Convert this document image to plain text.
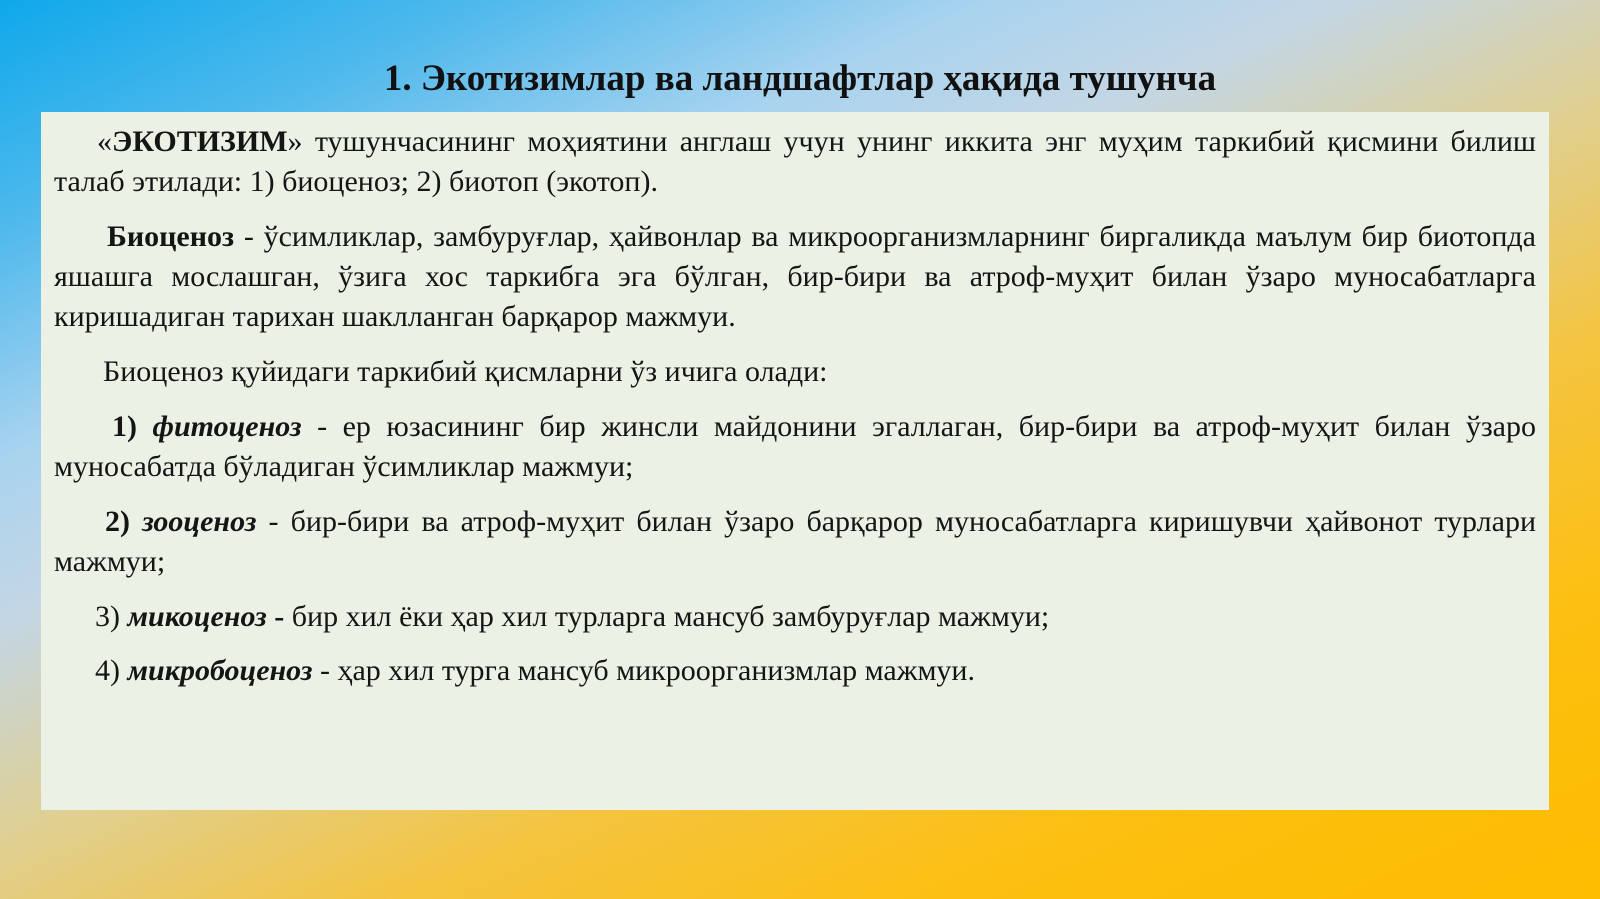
1. Экотизимлар ва ландшафтлар ҳақида тушунча

«ЭКОТИЗИМ» тушунчасининг моҳиятини англаш учун унинг иккита энг муҳим таркибий қисмини билиш талаб этилади: 1) биоценоз; 2) биотоп (экотоп).

Биоценоз - ўсимликлар, замбуруғлар, ҳайвонлар ва микроорганизмларнинг биргаликда маълум бир биотопда яшашга мослашган, ўзига хос таркибга эга бўлган, бир-бири ва атроф-муҳит билан ўзаро муносабатларга киришадиган тарихан шаклланган барқарор мажмуи.

Биоценоз қуйидаги таркибий қисмларни ўз ичига олади:

1) фитоценоз - ер юзасининг бир жинсли майдонини эгаллаган, бир-бири ва атроф-муҳит билан ўзаро муносабатда бўладиган ўсимликлар мажмуи;

2) зооценоз - бир-бири ва атроф-муҳит билан ўзаро барқарор муносабатларга киришувчи ҳайвонот турлари мажмуи;

3) микоценоз - бир хил ёки ҳар хил турларга мансуб замбуруғлар мажмуи;

4) микробоценоз - ҳар хил турга мансуб микроорганизмлар мажмуи.
